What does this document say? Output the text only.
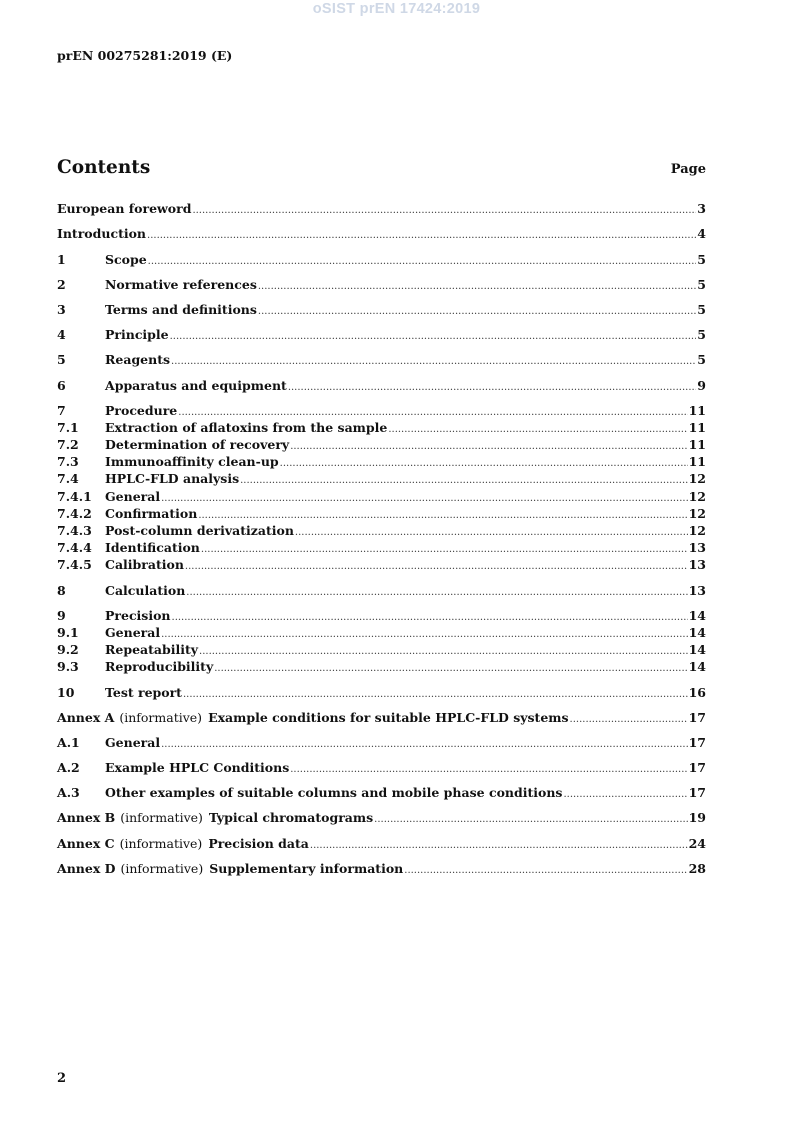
oSIST prEN 17424:2019
prEN 00275281:2019 (E)
Contents	Page
European foreword .....	3
Introduction .....	4
1	Scope .....	5
2	Normative references .....	5
3	Terms and definitions .....	5
4	Principle .....	5
5	Reagents .....	5
6	Apparatus and equipment .....	9
7	Procedure .....	11
7.1	Extraction of aflatoxins from the sample .....	11
7.2	Determination of recovery .....	11
7.3	Immunoaffinity clean-up .....	11
7.4	HPLC-FLD analysis .....	12
7.4.1	General .....	12
7.4.2	Confirmation .....	12
7.4.3	Post-column derivatization .....	12
7.4.4	Identification .....	13
7.4.5	Calibration .....	13
8	Calculation .....	13
9	Precision .....	14
9.1	General .....	14
9.2	Repeatability .....	14
9.3	Reproducibility .....	14
10	Test report .....	16
Annex A (informative) Example conditions for suitable HPLC-FLD systems .....	17
A.1	General .....	17
A.2	Example HPLC Conditions .....	17
A.3	Other examples of suitable columns and mobile phase conditions .....	17
Annex B (informative) Typical chromatograms .....	19
Annex C (informative) Precision data .....	24
Annex D (informative) Supplementary information .....	28
2
